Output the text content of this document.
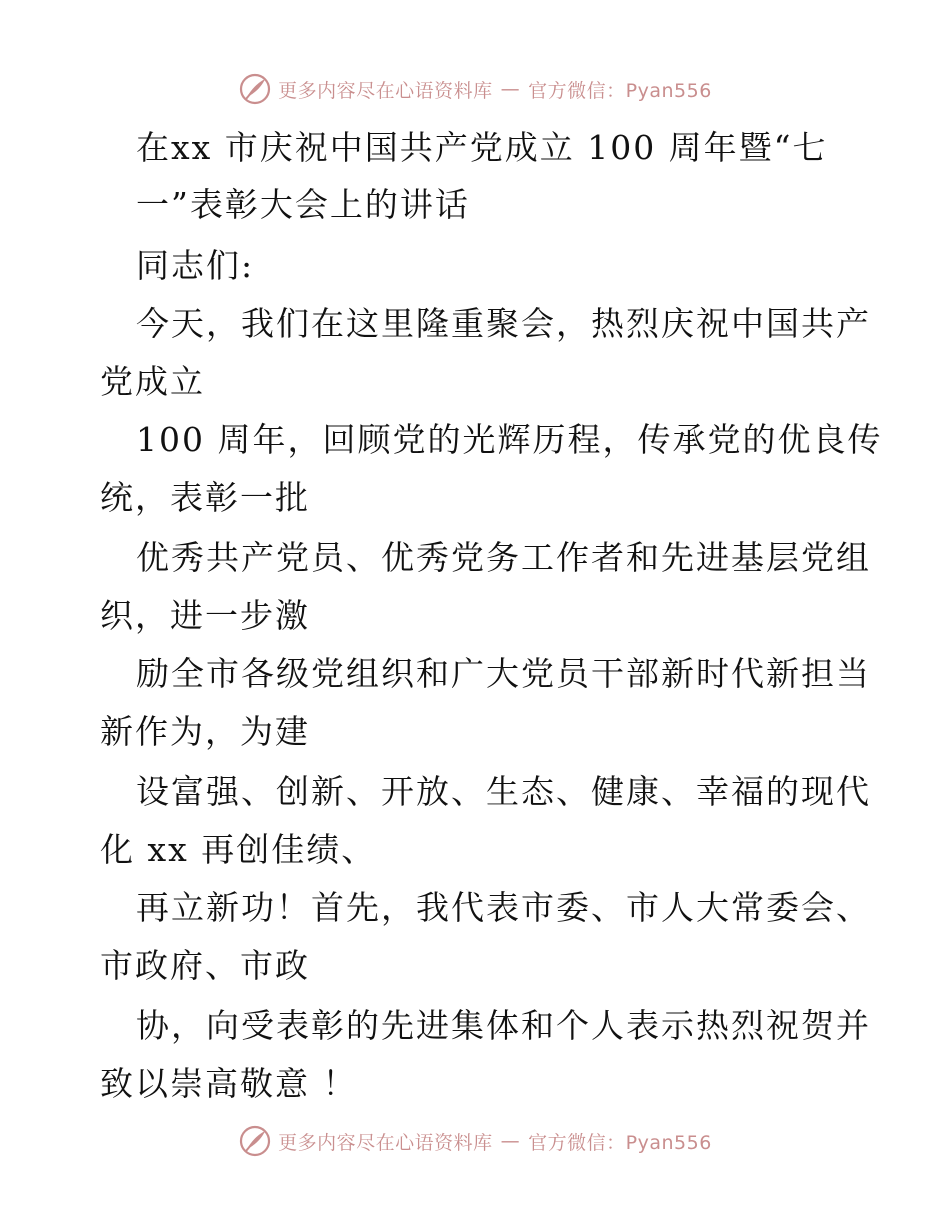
更多内容尽在心语资料库 — 官方微信：Pyan556
在xx 市庆祝中国共产党成立 100 周年暨“七
一”表彰大会上的讲话
同志们:
今天，我们在这里隆重聚会，热烈庆祝中国共产
党成立
100 周年，回顾党的光辉历程，传承党的优良传
统，表彰一批
优秀共产党员、优秀党务工作者和先进基层党组
织，进一步激
励全市各级党组织和广大党员干部新时代新担当
新作为，为建
设富强、创新、开放、生态、健康、幸福的现代
化 xx 再创佳绩、
再立新功！首先，我代表市委、市人大常委会、
市政府、市政
协，向受表彰的先进集体和个人表示热烈祝贺并
致以崇高敬意 ！
更多内容尽在心语资料库 — 官方微信：Pyan556
